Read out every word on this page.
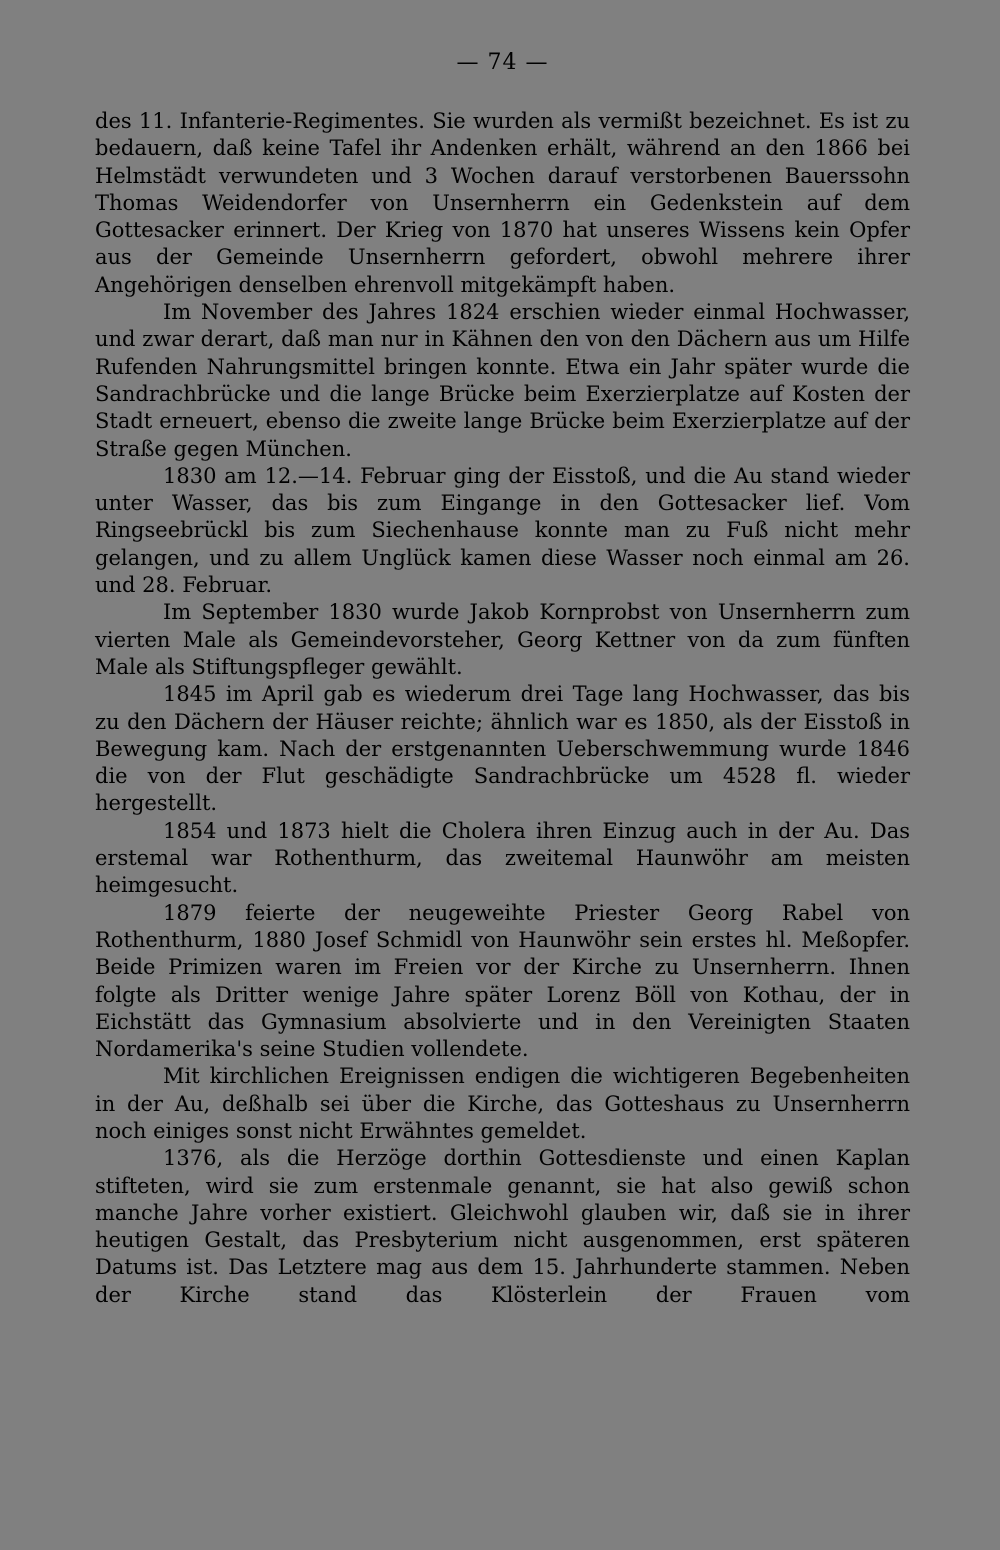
— 74 —

des 11. Infanterie-Regimentes. Sie wurden als vermißt bezeichnet. Es ist zu bedauern, daß keine Tafel ihr Andenken erhält, während an den 1866 bei Helmstädt verwundeten und 3 Wochen darauf verstorbenen Bauerssohn Thomas Weidendorfer von Unsernherrn ein Gedenkstein auf dem Gottesacker erinnert. Der Krieg von 1870 hat unseres Wissens kein Opfer aus der Gemeinde Unsernherrn gefordert, obwohl mehrere ihrer Angehörigen denselben ehrenvoll mitgekämpft haben.

Im November des Jahres 1824 erschien wieder einmal Hochwasser, und zwar derart, daß man nur in Kähnen den von den Dächern aus um Hilfe Rufenden Nahrungsmittel bringen konnte. Etwa ein Jahr später wurde die Sandrachbrücke und die lange Brücke beim Exerzierplatze auf Kosten der Stadt erneuert, ebenso die zweite lange Brücke beim Exerzierplatze auf der Straße gegen München.

1830 am 12.—14. Februar ging der Eisstoß, und die Au stand wieder unter Wasser, das bis zum Eingange in den Gottesacker lief. Vom Ringseebrückl bis zum Siechenhause konnte man zu Fuß nicht mehr gelangen, und zu allem Unglück kamen diese Wasser noch einmal am 26. und 28. Februar.

Im September 1830 wurde Jakob Kornprobst von Unsernherrn zum vierten Male als Gemeindevorsteher, Georg Kettner von da zum fünften Male als Stiftungspfleger gewählt.

1845 im April gab es wiederum drei Tage lang Hochwasser, das bis zu den Dächern der Häuser reichte; ähnlich war es 1850, als der Eisstoß in Bewegung kam. Nach der erstgenannten Ueberschwemmung wurde 1846 die von der Flut geschädigte Sandrachbrücke um 4528 fl. wieder hergestellt.

1854 und 1873 hielt die Cholera ihren Einzug auch in der Au. Das erstemal war Rothenthurm, das zweitemal Haunwöhr am meisten heimgesucht.

1879 feierte der neugeweihte Priester Georg Rabel von Rothenthurm, 1880 Josef Schmidl von Haunwöhr sein erstes hl. Meßopfer. Beide Primizen waren im Freien vor der Kirche zu Unsernherrn. Ihnen folgte als Dritter wenige Jahre später Lorenz Böll von Kothau, der in Eichstätt das Gymnasium absolvierte und in den Vereinigten Staaten Nordamerika's seine Studien vollendete.

Mit kirchlichen Ereignissen endigen die wichtigeren Begebenheiten in der Au, deßhalb sei über die Kirche, das Gotteshaus zu Unsernherrn noch einiges sonst nicht Erwähntes gemeldet.

1376, als die Herzöge dorthin Gottesdienste und einen Kaplan stifteten, wird sie zum erstenmale genannt, sie hat also gewiß schon manche Jahre vorher existiert. Gleichwohl glauben wir, daß sie in ihrer heutigen Gestalt, das Presbyterium nicht ausgenommen, erst späteren Datums ist. Das Letztere mag aus dem 15. Jahrhunderte stammen. Neben der Kirche stand das Klösterlein der Frauen vom
